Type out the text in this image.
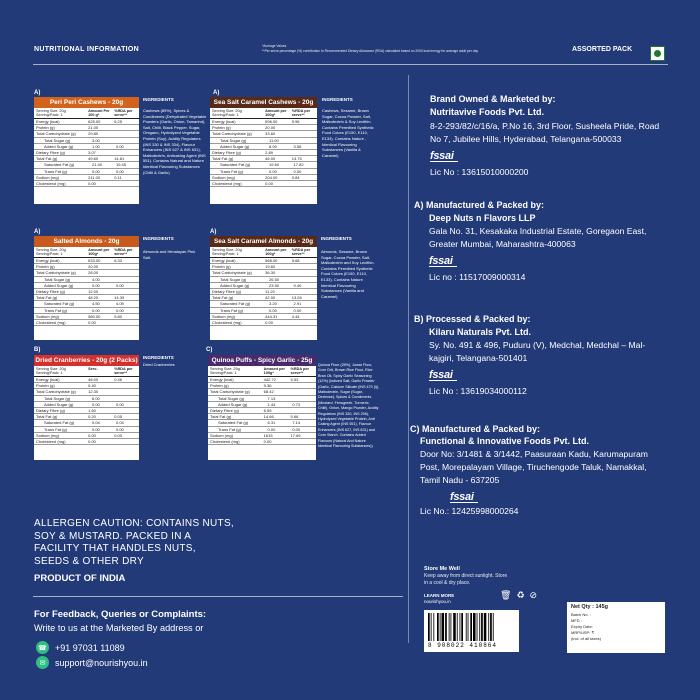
NUTRITIONAL INFORMATION	*Average Values
**Per serve percentage (%) contribution to Recommended Dietary Allowance (RDA) calculated based on 2000 kcal energy for average adult per day	ASSORTED PACK
A)	A)
A)	A)
B)	C)
Peri Peri Cashews - 20g
Serving Size: 20g
Serving/Pack: 1
Amount Per 100 g*
%RDA per serve**
Energy (kcal)	625.00	6.25
Protein (g)	21.00
Total Carbohydrate (g)	29.80
Total Sugar (g)	3.00
Added Sugar (g)	1.00	0.00
Dietary Fibre (g)	3.07
Total Fat (g)	49.60	14.81
Saturated Fat (g)	21.40	19.45
Trans Fat (g)	0.00	0.00
Sodium (mg)	211.00	0.11
Cholesterol (mg)	0.00
INGREDIENTS
Cashews (89%), Spices & Condiments (Dehydrated Vegetable Powders (Garlic, Onion, Tamarind), Salt, Chilli, Black Pepper, Sugar, Oregano, Hydrolyzed Vegetable Protein (Soy), Acidity Regulators (INS 330 & INS 334), Flavour Enhancers (INS 627 & INS 631), Maltodextrin, Anticaking Agent (INS 551). Contains Natural and Nature Identical Flavouring Substances (Chilli & Garlic)
Sea Salt Caramel Cashews - 20g
Serving Size: 20g
Serving/Pack: 1
Amount per 100g*
%RDA per serve**
Energy (kcal)	596.00	5.96
Protein (g)	20.00
Total Carbohydrate (g)	33.60
Total Sugar (g)	11.00
Added Sugar (g)	8.90	3.56
Dietary Fibre (g)	2.89
Total Fat (g)	46.00	13.75
Saturated Fat (g)	19.60	17.82
Trans Fat (g)	0.00	0.00
Sodium (mg)	204.00	0.84
Cholesterol (mg)	0.00
INGREDIENTS
Cashews, Sesame, Brown Sugar, Cocoa Powder, Salt, Maltodextrin & Soy Lecithin. Contains Permitted Synthetic Food Colors (E150, E110, E133). Contains Nature - Identical Flavouring Substances (Vanilla & Caramel)
Salted Almonds - 20g
Serving Size: 20g
Serving/Pack: 1
Amount per 100g*
%RDA per serve**
Energy (kcal)	633.00	6.33
Protein (g)	20.00
Total Carbohydrate (g)	28.00
Total Sugar (g)	4.00
Added Sugar (g)	0.00	0.00
Dietary Fibre (g)	12.00
Total Fat (g)	48.20	14.39
Saturated Fat (g)	4.50	4.09
Trans Fat (g)	0.00	0.00
Sodium (mg)	580.00	5.80
Cholesterol (mg)	0.00
INGREDIENTS
Almonds and Himalayan Pink Salt.
Sea Salt Caramel Almonds - 20g
Serving Size: 20g
Serving/Pack: 1
Amount per 100g*
%RDA per serve**
Energy (kcal)	568.00	5.68
Protein (g)	19.60
Total Carbohydrate (g)	36.30
Total Sugar (g)	26.50
Added Sugar (g)	23.50	9.40
Dietary Fibre (g)	11.20
Total Fat (g)	42.00	13.26
Saturated Fat (g)	3.20	2.91
Trans Fat (g)	0.00	0.00
Sodium (mg)	444.31	4.44
Cholesterol (mg)	0.00
INGREDIENTS
Almonds, Sesame, Brown Sugar, Cocoa Powder, Salt, Maltodextrin and Soy Lecithin. Contains Permitted Synthetic Food Colors (E150, E110, E133). Contains Nature Identical Flavouring Substances (Vanilla and Caramel)
Dried Cranberries - 20g (2 Packs)
Serving Size: 20g
Serving/Pack: 1
Serv-	%RDA per serve**
Energy (kcal)	46.00	0.46
Protein (g)	0.40
Total Carbohydrate (g)	12.30
Total Sugar (g)	6.00
Added Sugar (g)	0.00	0.00
Dietary Fibre (g)	1.60
Total Fat (g)	0.20	0.05
Saturated Fat (g)	0.04	0.04
Trans Fat (g)	0.00	0.00
Sodium (mg)	0.00	0.00
Cholesterol (mg)	0.00
INGREDIENTS
Dried Cranberries
Quinoa Puffs - Spicy Garlic - 25g
Serving Size: 25g
Serving/Pack: 1
Amount per 100g*
%RDA per serve**
Energy (kcal)	442.72	5.53
Protein (g)	9.36
Total Carbohydrate (g)	68.42
Total Sugar (g)	7.13
Added Sugar (g)	1.44	0.73
Dietary Fibre (g)	6.59
Total Fat (g)	14.66	5.66
Saturated Fat (g)	6.31	7.14
Trans Fat (g)	0.00	0.00
Sodium (mg)	1615	17.69
Cholesterol (mg)	0.00
Quinoa Flour (25%), Jowar Flour, Corn Grit, Brown Rice Flour, Rice Bran Oil, Spicy Garlic Seasoning (12%) (Iodized Salt, Garlic Powder (Garlic, Calcium Silicate (INS 470 (i)), Maltodextrin, Sugar (Sugar, Dextrose), Spices & Condiments (Mustard, Fenugreek, Turmeric, Chilli), Onion, Mango Powder, Acidity Regulators (INS 330, INS 296), Hydrolyzed Vegetable Protein, Anti Caking Agent (INS 551), Flavour Enhancers (INS 627, INS 631) and Corn Starch. Contains Added Flavours (Natural And Nature Identical Flavouring Substances))
Brand Owned & Marketed by:
Nutritavive Foods Pvt. Ltd.
8-2-293/82/c/16/a, P.No 16, 3rd Floor, Susheela Pride, Road No 7, Jubilee Hills, Hyderabad, Telangana-500033
fssai
Lic No : 13615010000200
A) Manufactured & Packed by:
Deep Nuts n Flavors LLP
Gala No. 31, Kesakaka Industrial Estate, Goregaon East, Greater Mumbai, Maharashtra-400063
fssai
Lic no : 11517009000314
B) Processed & Packed by:
Kilaru Naturals Pvt. Ltd.
Sy. No. 491 & 496, Pudu​ru (V), Medchal, Medchal – Mal-kajgiri, Telangana-501401
fssai
Lic No : 13619034000112
C) Manufactured & Packed by:
Functional & Innovative Foods Pvt. Ltd.
Door No: 3/1481 & 3/1442, Paasuraan Kadu, Karumapuram Post, Morepalayam Village, Tiruchengode Taluk, Namakkal, Tamil Nadu - 637205
fssai
Lic No.: 12425998000264
ALLERGEN CAUTION: CONTAINS NUTS, SOY & MUSTARD. PACKED IN A FACILITY THAT HANDLES NUTS, SEEDS & OTHER DRY
PRODUCT OF INDIA
For Feedback, Queries or Complaints:
Write to us at the Marketed By address or
☎ +91 97031 11089
✉	support@nourishyou.in
Store Me Well
Keep away from direct sunlight. Store in a cool & dry place.
LEARN MORE
nourishyou.in
🗑 ♻ ⊘
8 908022 410864
Net Qty : 145g
Batch No. :
MFD :
Expiry Date:
MRP/USP: ₹
(incl. of all taxes)
